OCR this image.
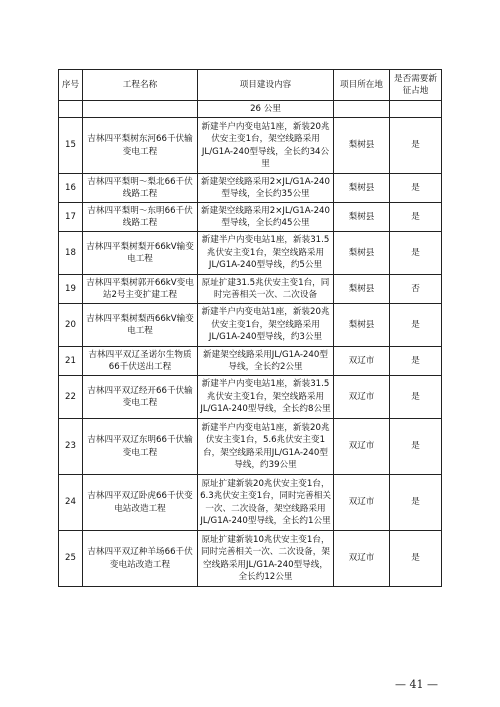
序号	工程名称	项目建设内容	项目所在地	是否需要新征占地
		26 公里		
15	吉林四平梨树东河66千伏输变电工程	新建半户内变电站1座，新装20兆伏安主变1台，架空线路采用JL/G1A-240型导线，全长约34公里	梨树县	是
16	吉林四平梨明～梨北66千伏线路工程	新建架空线路采用2×JL/G1A-240型导线，全长约35公里	梨树县	是
17	吉林四平梨明～东明66千伏线路工程	新建架空线路采用2×JL/G1A-240型导线，全长约45公里	梨树县	是
18	吉林四平梨树梨开66kV输变电工程	新建半户内变电站1座，新装31.5兆伏安主变1台，架空线路采用JL/G1A-240型导线，约5公里	梨树县	是
19	吉林四平梨树郭开66kV变电站2号主变扩建工程	原址扩建31.5兆伏安主变1台，同时完善相关一次、二次设备	梨树县	否
20	吉林四平梨树梨西66kV输变电工程	新建半户内变电站1座，新装20兆伏安主变1台，架空线路采用JL/G1A-240型导线，约3公里	梨树县	是
21	吉林四平双辽圣诺尔生物质66千伏送出工程	新建架空线路采用JL/G1A-240型导线，全长约2公里	双辽市	是
22	吉林四平双辽经开66千伏输变电工程	新建半户内变电站1座，新装31.5兆伏安主变1台，架空线路采用JL/G1A-240型导线，全长约8公里	双辽市	是
23	吉林四平双辽东明66千伏输变电工程	新建半户内变电站1座，新装20兆伏安主变1台，5.6兆伏安主变1台，架空线路采用JL/G1A-240型导线，约39公里	双辽市	是
24	吉林四平双辽卧虎66千伏变电站改造工程	原址扩建新装20兆伏安主变1台，6.3兆伏安主变1台，同时完善相关一次、二次设备，架空线路采用JL/G1A-240型导线，全长约1公里	双辽市	是
25	吉林四平双辽种羊场66千伏变电站改造工程	原址扩建新装10兆伏安主变1台，同时完善相关一次、二次设备，架空线路采用JL/G1A-240型导线，全长约12公里	双辽市	是
— 41 —
